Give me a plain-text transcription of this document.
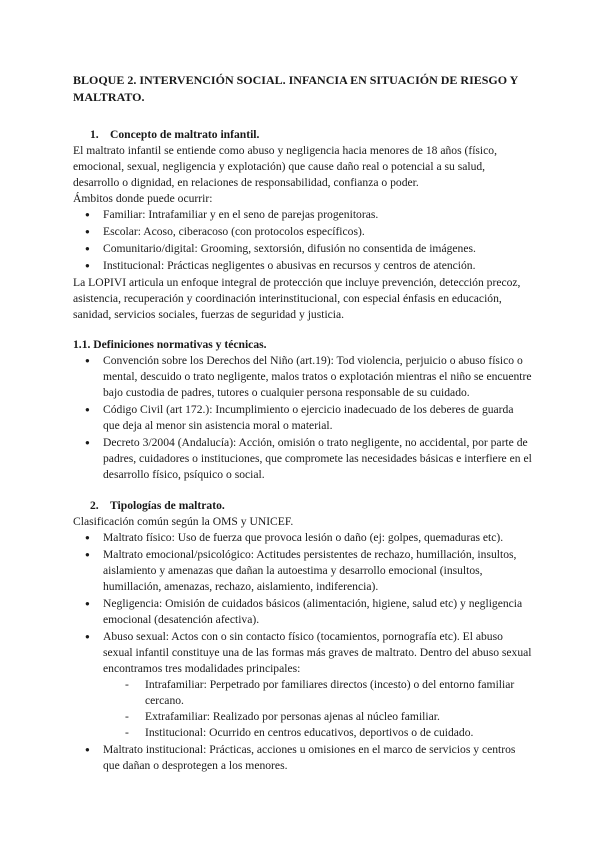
BLOQUE 2. INTERVENCIÓN SOCIAL. INFANCIA EN SITUACIÓN DE RIESGO Y MALTRATO.

1. Concepto de maltrato infantil.

El maltrato infantil se entiende como abuso y negligencia hacia menores de 18 años (físico, emocional, sexual, negligencia y explotación) que cause daño real o potencial a su salud, desarrollo o dignidad, en relaciones de responsabilidad, confianza o poder.

Ámbitos donde puede ocurrir:

● Familiar: Intrafamiliar y en el seno de parejas progenitoras.
● Escolar: Acoso, ciberacoso (con protocolos específicos).
● Comunitario/digital: Grooming, sextorsión, difusión no consentida de imágenes.
● Institucional: Prácticas negligentes o abusivas en recursos y centros de atención.

La LOPIVI articula un enfoque integral de protección que incluye prevención, detección precoz, asistencia, recuperación y coordinación interinstitucional, con especial énfasis en educación, sanidad, servicios sociales, fuerzas de seguridad y justicia.

1.1. Definiciones normativas y técnicas.

● Convención sobre los Derechos del Niño (art.19): Tod violencia, perjuicio o abuso físico o mental, descuido o trato negligente, malos tratos o explotación mientras el niño se encuentre bajo custodia de padres, tutores o cualquier persona responsable de su cuidado.
● Código Civil (art 172.): Incumplimiento o ejercicio inadecuado de los deberes de guarda que deja al menor sin asistencia moral o material.
● Decreto 3/2004 (Andalucía): Acción, omisión o trato negligente, no accidental, por parte de padres, cuidadores o instituciones, que compromete las necesidades básicas e interfiere en el desarrollo físico, psíquico o social.

2. Tipologías de maltrato.

Clasificación común según la OMS y UNICEF.

● Maltrato físico: Uso de fuerza que provoca lesión o daño (ej: golpes, quemaduras etc).
● Maltrato emocional/psicológico: Actitudes persistentes de rechazo, humillación, insultos, aislamiento y amenazas que dañan la autoestima y desarrollo emocional (insultos, humillación, amenazas, rechazo, aislamiento, indiferencia).
● Negligencia: Omisión de cuidados básicos (alimentación, higiene, salud etc) y negligencia emocional (desatención afectiva).
● Abuso sexual: Actos con o sin contacto físico (tocamientos, pornografía etc). El abuso sexual infantil constituye una de las formas más graves de maltrato. Dentro del abuso sexual encontramos tres modalidades principales:
- Intrafamiliar: Perpetrado por familiares directos (incesto) o del entorno familiar cercano.
- Extrafamiliar: Realizado por personas ajenas al núcleo familiar.
- Institucional: Ocurrido en centros educativos, deportivos o de cuidado.
● Maltrato institucional: Prácticas, acciones u omisiones en el marco de servicios y centros que dañan o desprotegen a los menores.
